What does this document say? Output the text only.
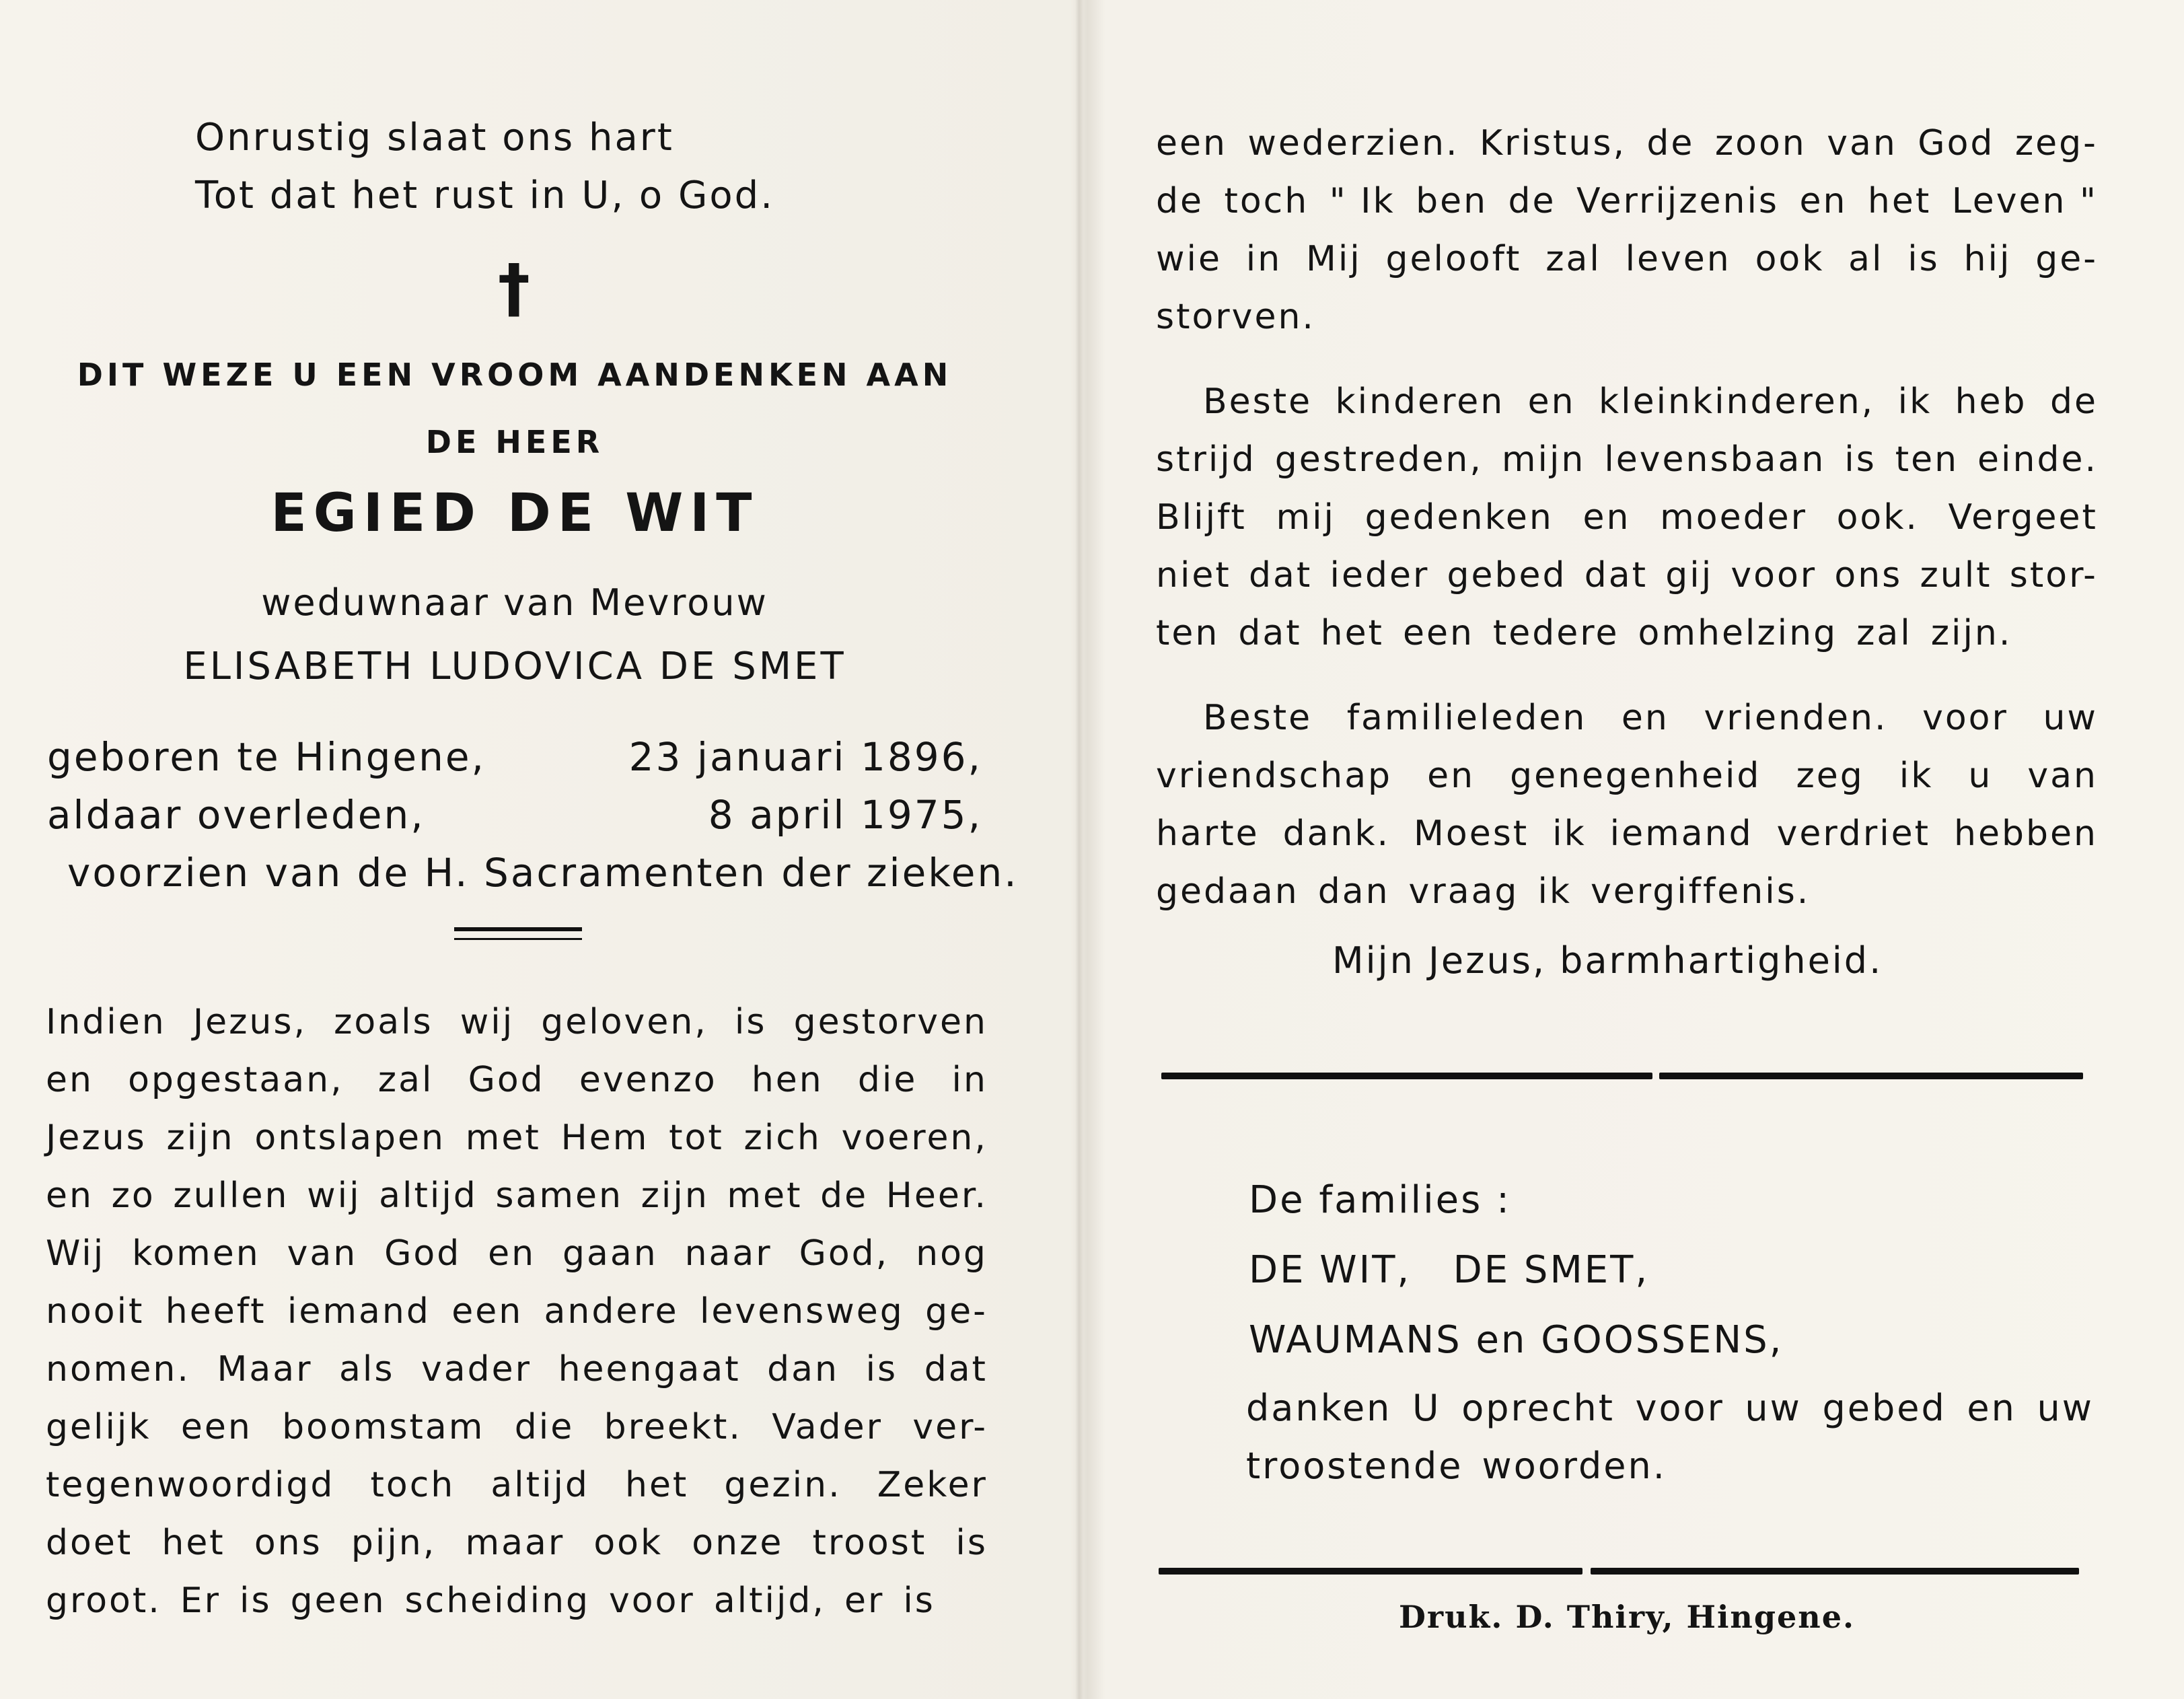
Onrustig slaat ons hart
Tot dat het rust in U, o God.
†
DIT WEZE U EEN VROOM AANDENKEN AAN
DE HEER
EGIED DE WIT
weduwnaar van Mevrouw
ELISABETH LUDOVICA DE SMET
geboren te Hingene,	23 januari 1896,
aldaar overleden,	8 april 1975,
voorzien van de H. Sacramenten der zieken.
Indien Jezus, zoals wij geloven, is gestorven
en opgestaan, zal God evenzo hen die in
Jezus zijn ontslapen met Hem tot zich voeren,
en zo zullen wij altijd samen zijn met de Heer.
Wij komen van God en gaan naar God, nog
nooit heeft iemand een andere levensweg ge-
nomen. Maar als vader heengaat dan is dat
gelijk een boomstam die breekt. Vader ver-
tegenwoordigd toch altijd het gezin. Zeker
doet het ons pijn, maar ook onze troost is
groot. Er is geen scheiding voor altijd, er is
een wederzien. Kristus, de zoon van God zeg-
de toch " Ik ben de Verrijzenis en het Leven "
wie in Mij gelooft zal leven ook al is hij ge-
storven.
Beste kinderen en kleinkinderen, ik heb de
strijd gestreden, mijn levensbaan is ten einde.
Blijft mij gedenken en moeder ook. Vergeet
niet dat ieder gebed dat gij voor ons zult stor-
ten dat het een tedere omhelzing zal zijn.
Beste familieleden en vrienden. voor uw
vriendschap en genegenheid zeg ik u van
harte dank. Moest ik iemand verdriet hebben
gedaan dan vraag ik vergiffenis.
Mijn Jezus, barmhartigheid.
De families :
DE WIT,   DE SMET,
WAUMANS en GOOSSENS,
danken U oprecht voor uw gebed en uw
troostende woorden.
Druk. D. Thiry, Hingene.
